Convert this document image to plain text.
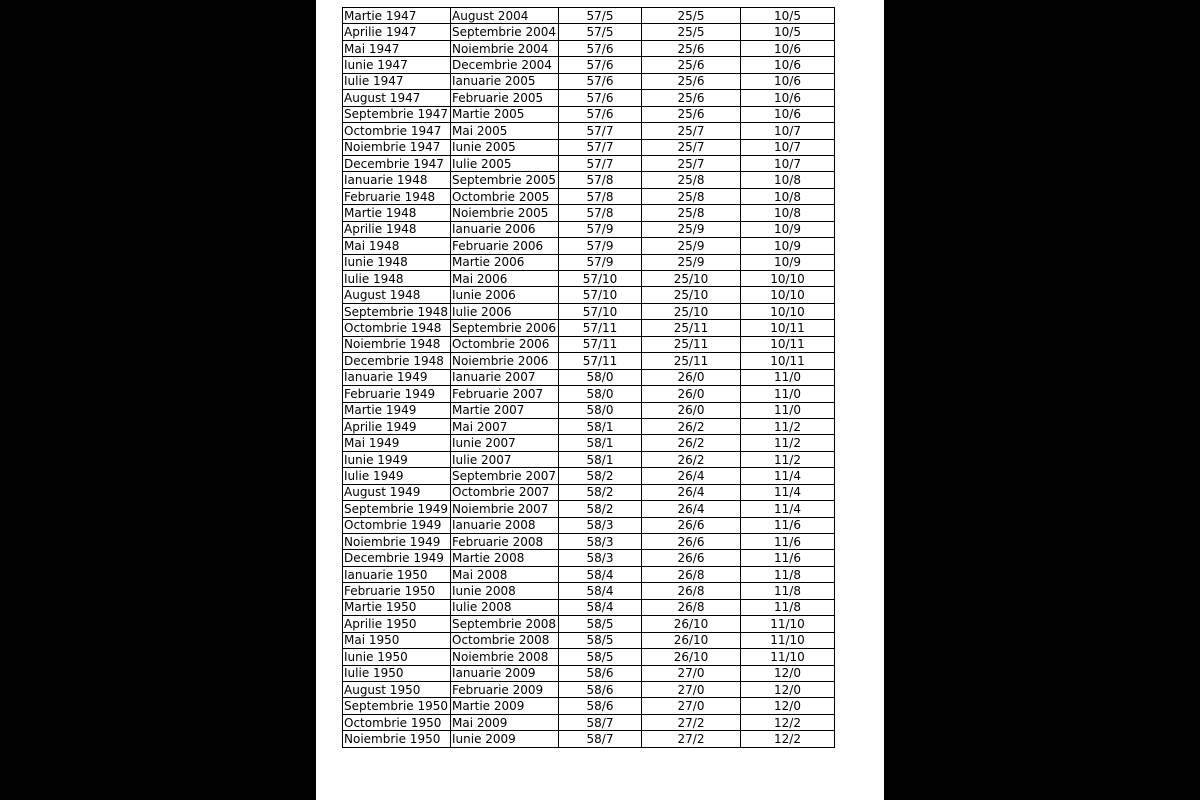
Martie 1947	August 2004	57/5	25/5	10/5
Aprilie 1947	Septembrie 2004	57/5	25/5	10/5
Mai 1947	Noiembrie 2004	57/6	25/6	10/6
Iunie 1947	Decembrie 2004	57/6	25/6	10/6
Iulie 1947	Ianuarie 2005	57/6	25/6	10/6
August 1947	Februarie 2005	57/6	25/6	10/6
Septembrie 1947	Martie 2005	57/6	25/6	10/6
Octombrie 1947	Mai 2005	57/7	25/7	10/7
Noiembrie 1947	Iunie 2005	57/7	25/7	10/7
Decembrie 1947	Iulie 2005	57/7	25/7	10/7
Ianuarie 1948	Septembrie 2005	57/8	25/8	10/8
Februarie 1948	Octombrie 2005	57/8	25/8	10/8
Martie 1948	Noiembrie 2005	57/8	25/8	10/8
Aprilie 1948	Ianuarie 2006	57/9	25/9	10/9
Mai 1948	Februarie 2006	57/9	25/9	10/9
Iunie 1948	Martie 2006	57/9	25/9	10/9
Iulie 1948	Mai 2006	57/10	25/10	10/10
August 1948	Iunie 2006	57/10	25/10	10/10
Septembrie 1948	Iulie 2006	57/10	25/10	10/10
Octombrie 1948	Septembrie 2006	57/11	25/11	10/11
Noiembrie 1948	Octombrie 2006	57/11	25/11	10/11
Decembrie 1948	Noiembrie 2006	57/11	25/11	10/11
Ianuarie 1949	Ianuarie 2007	58/0	26/0	11/0
Februarie 1949	Februarie 2007	58/0	26/0	11/0
Martie 1949	Martie 2007	58/0	26/0	11/0
Aprilie 1949	Mai 2007	58/1	26/2	11/2
Mai 1949	Iunie 2007	58/1	26/2	11/2
Iunie 1949	Iulie 2007	58/1	26/2	11/2
Iulie 1949	Septembrie 2007	58/2	26/4	11/4
August 1949	Octombrie 2007	58/2	26/4	11/4
Septembrie 1949	Noiembrie 2007	58/2	26/4	11/4
Octombrie 1949	Ianuarie 2008	58/3	26/6	11/6
Noiembrie 1949	Februarie 2008	58/3	26/6	11/6
Decembrie 1949	Martie 2008	58/3	26/6	11/6
Ianuarie 1950	Mai 2008	58/4	26/8	11/8
Februarie 1950	Iunie 2008	58/4	26/8	11/8
Martie 1950	Iulie 2008	58/4	26/8	11/8
Aprilie 1950	Septembrie 2008	58/5	26/10	11/10
Mai 1950	Octombrie 2008	58/5	26/10	11/10
Iunie 1950	Noiembrie 2008	58/5	26/10	11/10
Iulie 1950	Ianuarie 2009	58/6	27/0	12/0
August 1950	Februarie 2009	58/6	27/0	12/0
Septembrie 1950	Martie 2009	58/6	27/0	12/0
Octombrie 1950	Mai 2009	58/7	27/2	12/2
Noiembrie 1950	Iunie 2009	58/7	27/2	12/2
